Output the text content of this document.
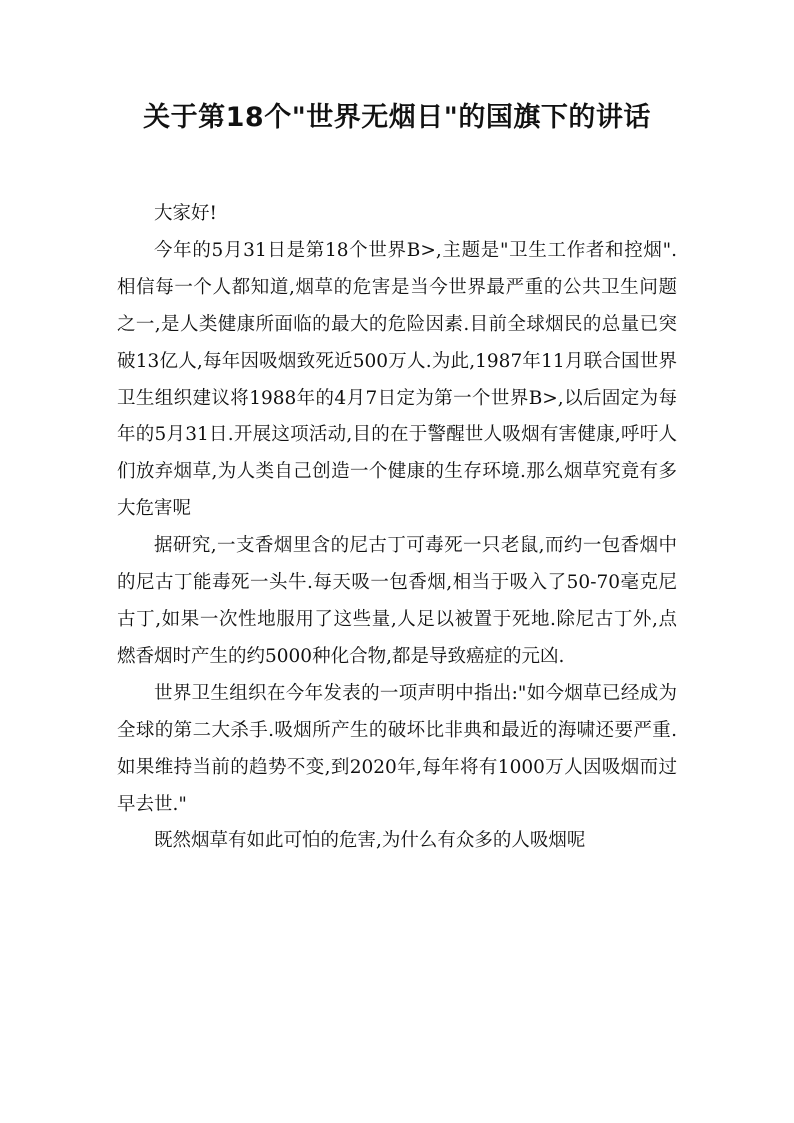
关于第18个"世界无烟日"的国旗下的讲话

大家好!

今年的5月31日是第18个世界B>,主题是"卫生工作者和控烟".相信每一个人都知道,烟草的危害是当今世界最严重的公共卫生问题之一,是人类健康所面临的最大的危险因素.目前全球烟民的总量已突破13亿人,每年因吸烟致死近500万人.为此,1987年11月联合国世界卫生组织建议将1988年的4月7日定为第一个世界B>,以后固定为每年的5月31日.开展这项活动,目的在于警醒世人吸烟有害健康,呼吁人们放弃烟草,为人类自己创造一个健康的生存环境.那么烟草究竟有多大危害呢

据研究,一支香烟里含的尼古丁可毒死一只老鼠,而约一包香烟中的尼古丁能毒死一头牛.每天吸一包香烟,相当于吸入了50-70毫克尼古丁,如果一次性地服用了这些量,人足以被置于死地.除尼古丁外,点燃香烟时产生的约5000种化合物,都是导致癌症的元凶.

世界卫生组织在今年发表的一项声明中指出:"如今烟草已经成为全球的第二大杀手.吸烟所产生的破坏比非典和最近的海啸还要严重.如果维持当前的趋势不变,到2020年,每年将有1000万人因吸烟而过早去世."

既然烟草有如此可怕的危害,为什么有众多的人吸烟呢
